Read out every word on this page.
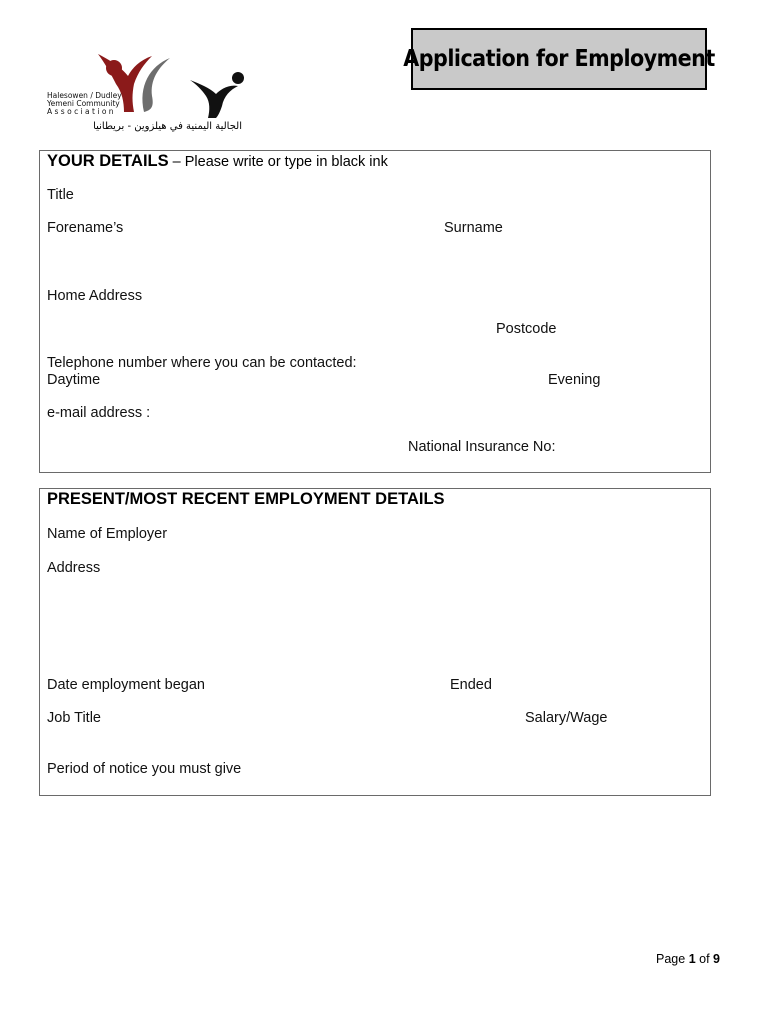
Halesowen / Dudley
Yemeni Community
A s s o c i a t i o n
الجالية اليمنية في هيلزوين - بريطانيا
Application for Employment
YOUR DETAILS – Please write or type in black ink
Title
Forename’s	Surname
Home Address
Postcode
Telephone number where you can be contacted:
Daytime	Evening
e-mail address :
National Insurance No:
PRESENT/MOST RECENT EMPLOYMENT DETAILS
Name of Employer
Address
Date employment began	Ended
Job Title	Salary/Wage
Period of notice you must give
Page 1 of 9
